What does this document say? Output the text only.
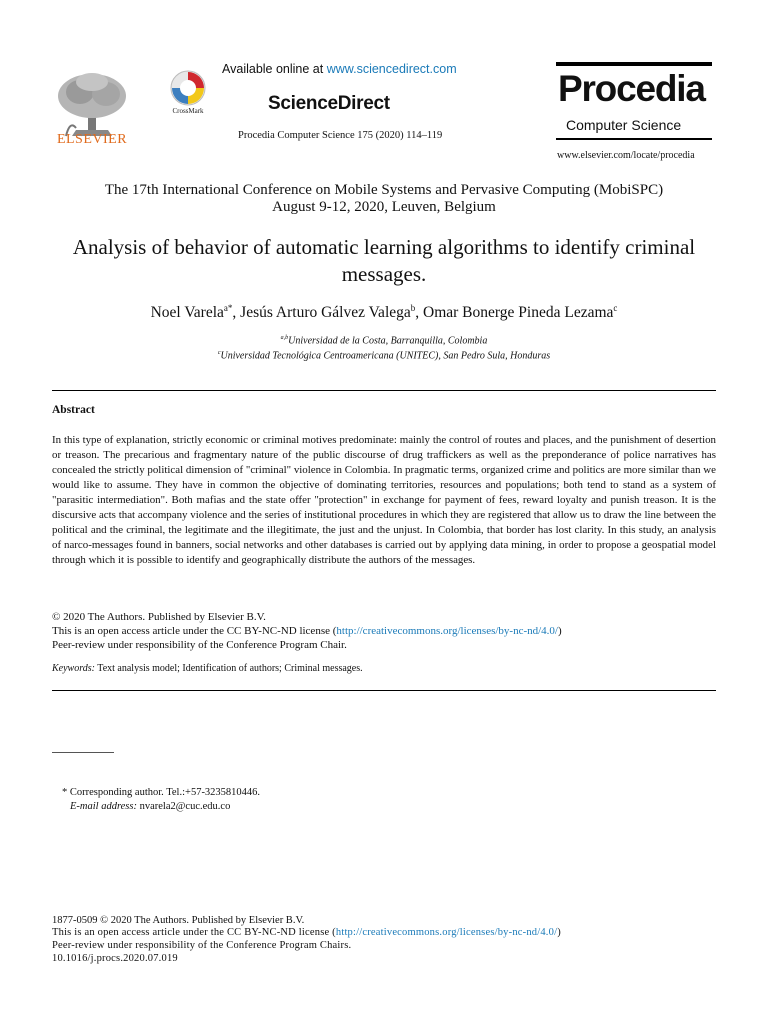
ELSEVIER
CrossMark
Available online at www.sciencedirect.com
ScienceDirect
Procedia Computer Science 175 (2020) 114–119
Procedia
Computer Science
www.elsevier.com/locate/procedia
The 17th International Conference on Mobile Systems and Pervasive Computing (MobiSPC)
August 9-12, 2020, Leuven, Belgium
Analysis of behavior of automatic learning algorithms to identify criminal messages.
Noel Varela$^{a*}$, Jesús Arturo Gálvez Valega$^b$, Omar Bonerge Pineda Lezama$^c$
$^{a,b}$Universidad de la Costa, Barranquilla, Colombia
$^c$Universidad Tecnológica Centroamericana (UNITEC), San Pedro Sula, Honduras
Abstract
In this type of explanation, strictly economic or criminal motives predominate: mainly the control of routes and places, and the punishment of desertion or treason. The precarious and fragmentary nature of the public discourse of drug traffickers as well as the preponderance of police narratives has concealed the strictly political dimension of "criminal" violence in Colombia. In pragmatic terms, organized crime and politics are more similar than we would like to assume. They have in common the objective of dominating territories, resources and populations; both tend to stand as a system of "parasitic intermediation". Both mafias and the state offer "protection" in exchange for payment of fees, reward loyalty and punish treason. It is the discursive acts that accompany violence and the series of institutional procedures in which they are registered that allow us to draw the line between the political and the criminal, the legitimate and the illegitimate, the just and the unjust. In Colombia, that border has lost clarity. In this study, an analysis of narco-messages found in banners, social networks and other databases is carried out by applying data mining, in order to propose a geospatial model through which it is possible to identify and geographically distribute the authors of the messages.
© 2020 The Authors. Published by Elsevier B.V.
This is an open access article under the CC BY-NC-ND license (http://creativecommons.org/licenses/by-nc-nd/4.0/)
Peer-review under responsibility of the Conference Program Chair.
Keywords: Text analysis model; Identification of authors; Criminal messages.
* Corresponding author. Tel.:+57-3235810446.
E-mail address: nvarela2@cuc.edu.co
1877-0509 © 2020 The Authors. Published by Elsevier B.V.
This is an open access article under the CC BY-NC-ND license (http://creativecommons.org/licenses/by-nc-nd/4.0/)
Peer-review under responsibility of the Conference Program Chairs.
10.1016/j.procs.2020.07.019
